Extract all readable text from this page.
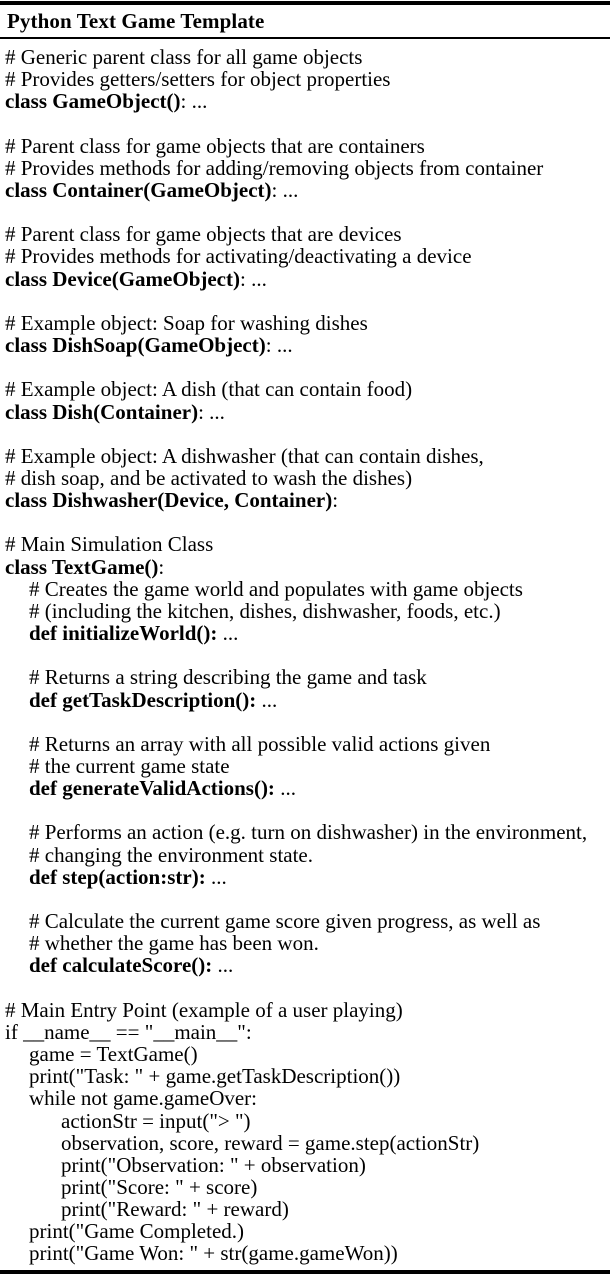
Python Text Game Template
# Generic parent class for all game objects
# Provides getters/setters for object properties
class GameObject(): ...
# Parent class for game objects that are containers
# Provides methods for adding/removing objects from container
class Container(GameObject): ...
# Parent class for game objects that are devices
# Provides methods for activating/deactivating a device
class Device(GameObject): ...
# Example object: Soap for washing dishes
class DishSoap(GameObject): ...
# Example object: A dish (that can contain food)
class Dish(Container): ...
# Example object: A dishwasher (that can contain dishes,
# dish soap, and be activated to wash the dishes)
class Dishwasher(Device, Container):
# Main Simulation Class
class TextGame():
# Creates the game world and populates with game objects
# (including the kitchen, dishes, dishwasher, foods, etc.)
def initializeWorld(): ...
# Returns a string describing the game and task
def getTaskDescription(): ...
# Returns an array with all possible valid actions given
# the current game state
def generateValidActions(): ...
# Performs an action (e.g. turn on dishwasher) in the environment,
# changing the environment state.
def step(action:str): ...
# Calculate the current game score given progress, as well as
# whether the game has been won.
def calculateScore(): ...
# Main Entry Point (example of a user playing)
if __name__ == "__main__":
game = TextGame()
print("Task: " + game.getTaskDescription())
while not game.gameOver:
actionStr = input("> ")
observation, score, reward = game.step(actionStr)
print("Observation: " + observation)
print("Score: " + score)
print("Reward: " + reward)
print("Game Completed.)
print("Game Won: " + str(game.gameWon))
